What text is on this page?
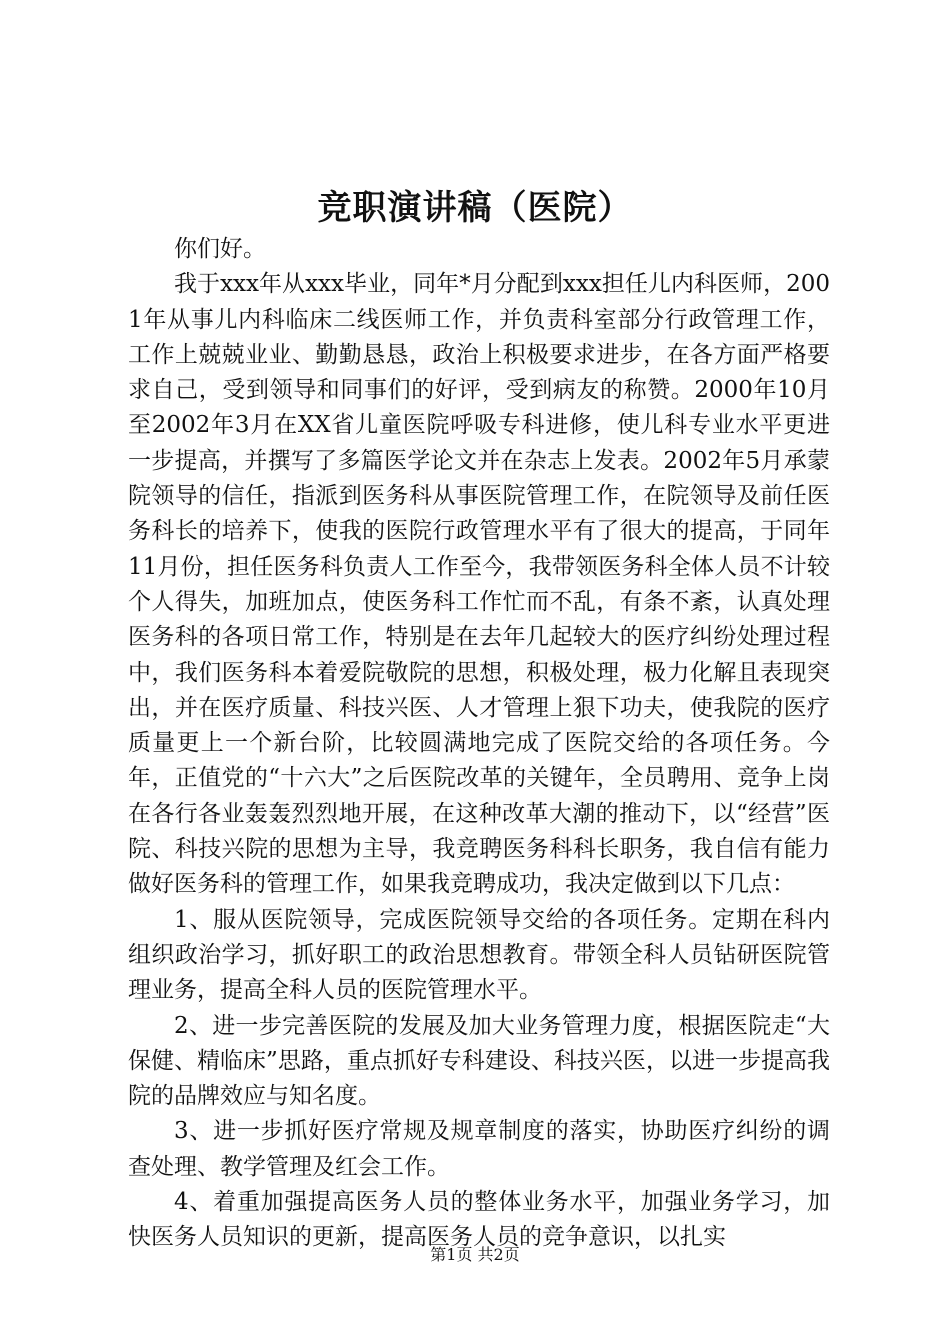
竞职演讲稿（医院）

你们好。

我于xxx年从xxx毕业，同年*月分配到xxx担任儿内科医师，2001年从事儿内科临床二线医师工作，并负责科室部分行政管理工作，工作上兢兢业业、勤勤恳恳，政治上积极要求进步，在各方面严格要求自己，受到领导和同事们的好评，受到病友的称赞。2000年10月至2002年3月在XX省儿童医院呼吸专科进修，使儿科专业水平更进一步提高，并撰写了多篇医学论文并在杂志上发表。2002年5月承蒙院领导的信任，指派到医务科从事医院管理工作，在院领导及前任医务科长的培养下，使我的医院行政管理水平有了很大的提高，于同年11月份，担任医务科负责人工作至今，我带领医务科全体人员不计较个人得失，加班加点，使医务科工作忙而不乱，有条不紊，认真处理医务科的各项日常工作，特别是在去年几起较大的医疗纠纷处理过程中，我们医务科本着爱院敬院的思想，积极处理，极力化解且表现突出，并在医疗质量、科技兴医、人才管理上狠下功夫，使我院的医疗质量更上一个新台阶，比较圆满地完成了医院交给的各项任务。今年，正值党的“十六大”之后医院改革的关键年，全员聘用、竞争上岗在各行各业轰轰烈烈地开展，在这种改革大潮的推动下，以“经营”医院、科技兴院的思想为主导，我竞聘医务科科长职务，我自信有能力做好医务科的管理工作，如果我竞聘成功，我决定做到以下几点：

1、服从医院领导，完成医院领导交给的各项任务。定期在科内组织政治学习，抓好职工的政治思想教育。带领全科人员钻研医院管理业务，提高全科人员的医院管理水平。

2、进一步完善医院的发展及加大业务管理力度，根据医院走“大保健、精临床”思路，重点抓好专科建设、科技兴医，以进一步提高我院的品牌效应与知名度。

3、进一步抓好医疗常规及规章制度的落实，协助医疗纠纷的调查处理、教学管理及红会工作。

4、着重加强提高医务人员的整体业务水平，加强业务学习，加快医务人员知识的更新，提高医务人员的竞争意识，以扎实

第1页 共2页
